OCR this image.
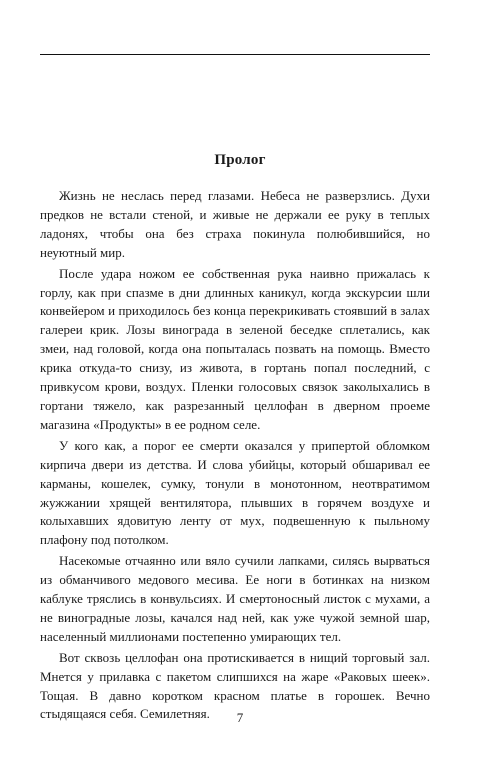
Пролог

Жизнь не неслась перед глазами. Небеса не разверзлись. Духи предков не встали стеной, и живые не держали ее руку в теплых ладонях, чтобы она без страха покинула полюбившийся, но неуютный мир.

После удара ножом ее собственная рука наивно прижалась к горлу, как при спазме в дни длинных каникул, когда экскурсии шли конвейером и приходилось без конца перекрикивать стоявший в залах галереи крик. Лозы винограда в зеленой беседке сплетались, как змеи, над головой, когда она попыталась позвать на помощь. Вместо крика откуда-то снизу, из живота, в гортань попал последний, с привкусом крови, воздух. Пленки голосовых связок заколыхались в гортани тяжело, как разрезанный целлофан в дверном проеме магазина «Продукты» в ее родном селе.

У кого как, а порог ее смерти оказался у припертой обломком кирпича двери из детства. И слова убийцы, который обшаривал ее карманы, кошелек, сумку, тонули в монотонном, неотвратимом жужжании хрящей вентилятора, плывших в горячем воздухе и колыхавших ядовитую ленту от мух, подвешенную к пыльному плафону под потолком.

Насекомые отчаянно или вяло сучили лапками, силясь вырваться из обманчивого медового месива. Ее ноги в ботинках на низком каблуке тряслись в конвульсиях. И смертоносный листок с мухами, а не виноградные лозы, качался над ней, как уже чужой земной шар, населенный миллионами постепенно умирающих тел.

Вот сквозь целлофан она протискивается в нищий торговый зал. Мнется у прилавка с пакетом слипшихся на жаре «Раковых шеек». Тощая. В давно коротком красном платье в горошек. Вечно стыдящаяся себя. Семилетняя.	7
